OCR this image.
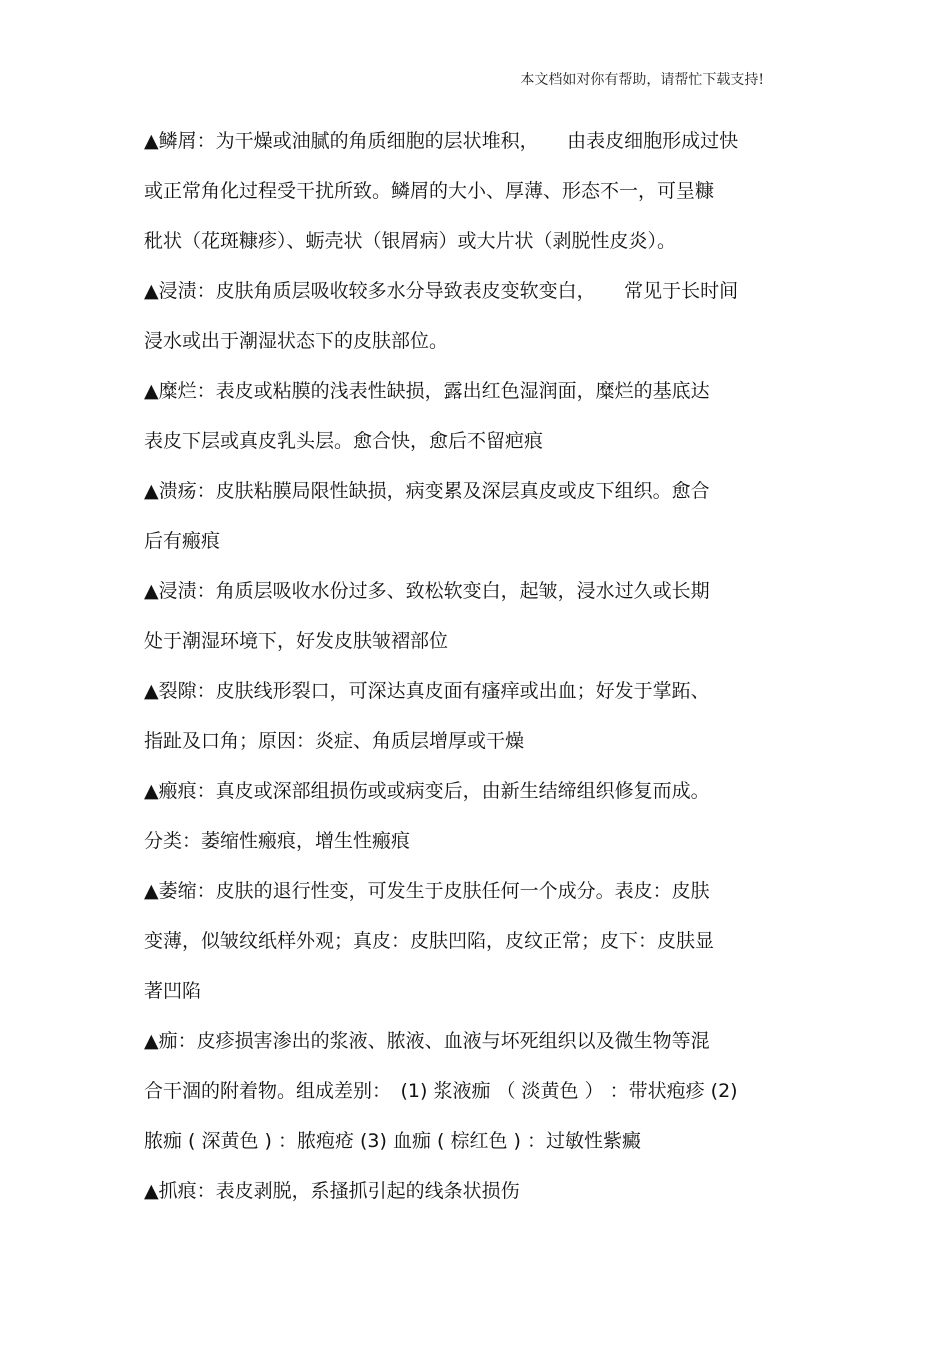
本文档如对你有帮助，请帮忙下载支持!
▲鳞屑：为干燥或油腻的角质细胞的层状堆积，　　由表皮细胞形成过快
或正常角化过程受干扰所致。鳞屑的大小、厚薄、形态不一，可呈糠
秕状（花斑糠疹）、蛎壳状（银屑病）或大片状（剥脱性皮炎）。
▲浸渍：皮肤角质层吸收较多水分导致表皮变软变白，　　常见于长时间
浸水或出于潮湿状态下的皮肤部位。
▲糜烂：表皮或粘膜的浅表性缺损，露出红色湿润面，糜烂的基底达
表皮下层或真皮乳头层。愈合快，愈后不留疤痕
▲溃疡：皮肤粘膜局限性缺损，病变累及深层真皮或皮下组织。愈合
后有瘢痕
▲浸渍：角质层吸收水份过多、致松软变白，起皱，浸水过久或长期
处于潮湿环境下，好发皮肤皱褶部位
▲裂隙：皮肤线形裂口，可深达真皮面有瘙痒或出血；好发于掌跖、
指趾及口角；原因：炎症、角质层增厚或干燥
▲瘢痕：真皮或深部组损伤或或病变后，由新生结缔组织修复而成。
分类：萎缩性瘢痕，增生性瘢痕
▲萎缩：皮肤的退行性变，可发生于皮肤任何一个成分。表皮：皮肤
变薄，似皱纹纸样外观；真皮：皮肤凹陷，皮纹正常；皮下：皮肤显
著凹陷
▲痂：皮疹损害渗出的浆液、脓液、血液与坏死组织以及微生物等混
合干涸的附着物。组成差别：　(1) 浆液痂 （ 淡黄色 ） ：带状疱疹 (2)
脓痂 ( 深黄色 ) ：脓疱疮 (3) 血痂 ( 棕红色 ) ：过敏性紫癜
▲抓痕：表皮剥脱，系搔抓引起的线条状损伤
